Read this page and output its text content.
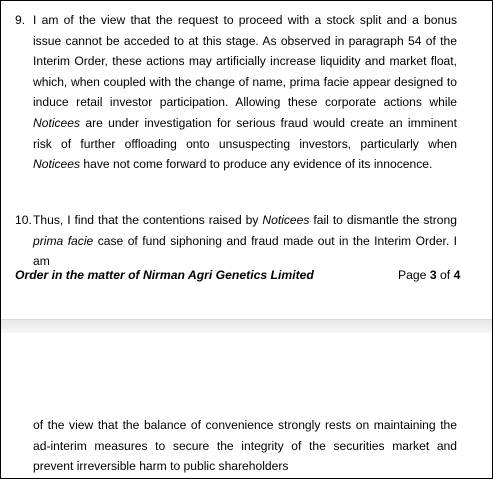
9. I am of the view that the request to proceed with a stock split and a bonus issue cannot be acceded to at this stage. As observed in paragraph 54 of the Interim Order, these actions may artificially increase liquidity and market float, which, when coupled with the change of name, prima facie appear designed to induce retail investor participation. Allowing these corporate actions while Noticees are under investigation for serious fraud would create an imminent risk of further offloading onto unsuspecting investors, particularly when Noticees have not come forward to produce any evidence of its innocence.
10. Thus, I find that the contentions raised by Noticees fail to dismantle the strong prima facie case of fund siphoning and fraud made out in the Interim Order. I am
Order in the matter of Nirman Agri Genetics Limited	Page 3 of 4
of the view that the balance of convenience strongly rests on maintaining the ad-interim measures to secure the integrity of the securities market and prevent irreversible harm to public shareholders
